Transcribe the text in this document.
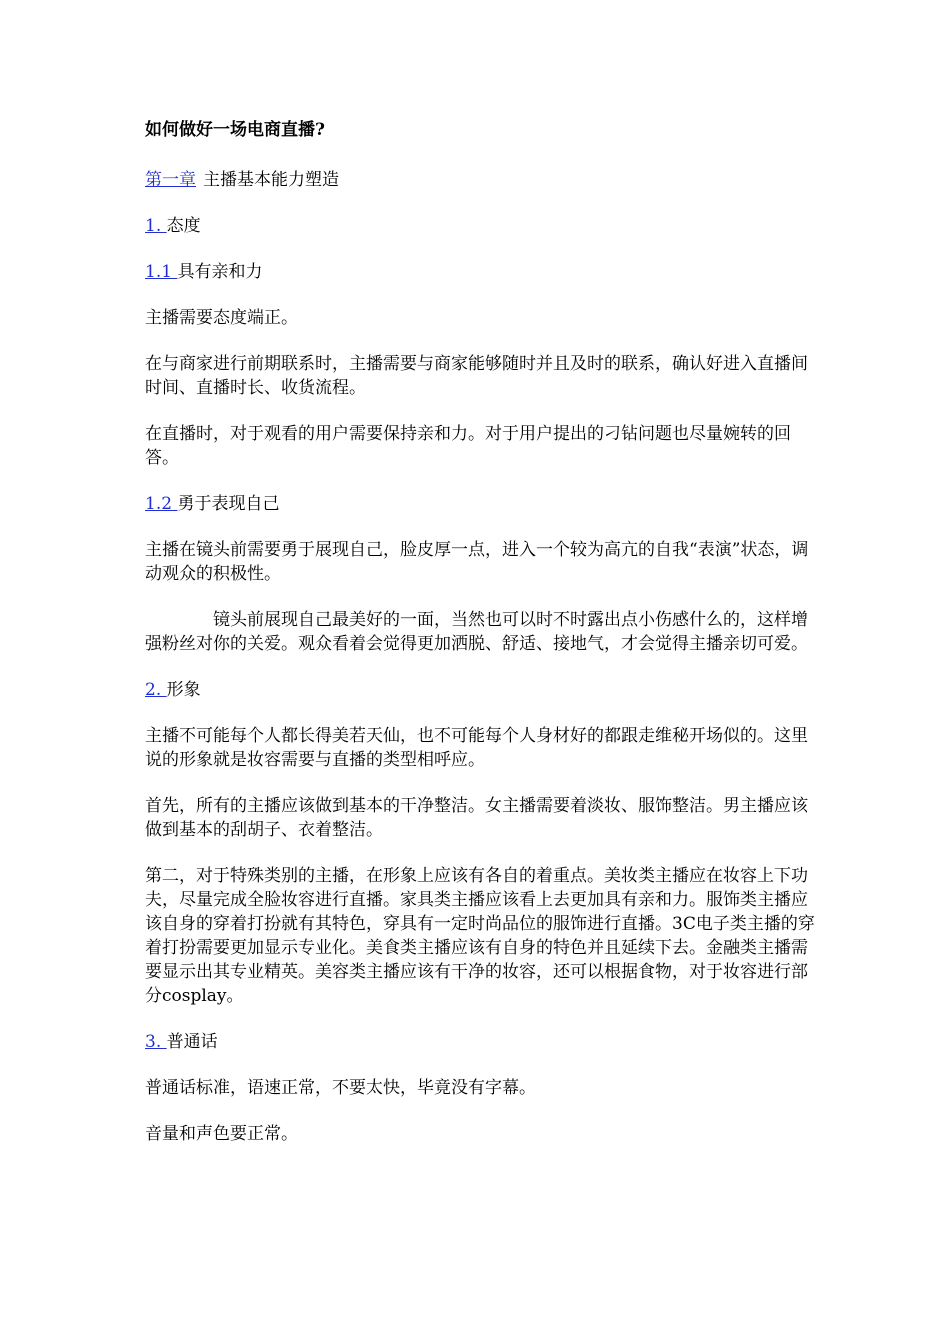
如何做好一场电商直播?

第一章 主播基本能力塑造

1. 态度

1.1 具有亲和力

主播需要态度端正。

在与商家进行前期联系时，主播需要与商家能够随时并且及时的联系，确认好进入直播间时间、直播时长、收货流程。

在直播时，对于观看的用户需要保持亲和力。对于用户提出的刁钻问题也尽量婉转的回答。

1.2 勇于表现自己

主播在镜头前需要勇于展现自己，脸皮厚一点，进入一个较为高亢的自我“表演”状态，调动观众的积极性。

镜头前展现自己最美好的一面，当然也可以时不时露出点小伤感什么的，这样增强粉丝对你的关爱。观众看着会觉得更加洒脱、舒适、接地气，才会觉得主播亲切可爱。

2. 形象

主播不可能每个人都长得美若天仙，也不可能每个人身材好的都跟走维秘开场似的。这里说的形象就是妆容需要与直播的类型相呼应。

首先，所有的主播应该做到基本的干净整洁。女主播需要着淡妆、服饰整洁。男主播应该做到基本的刮胡子、衣着整洁。

第二，对于特殊类别的主播，在形象上应该有各自的着重点。美妆类主播应在妆容上下功夫，尽量完成全脸妆容进行直播。家具类主播应该看上去更加具有亲和力。服饰类主播应该自身的穿着打扮就有其特色，穿具有一定时尚品位的服饰进行直播。3C电子类主播的穿着打扮需要更加显示专业化。美食类主播应该有自身的特色并且延续下去。金融类主播需要显示出其专业精英。美容类主播应该有干净的妆容，还可以根据食物，对于妆容进行部分cosplay。

3. 普通话

普通话标准，语速正常，不要太快，毕竟没有字幕。

音量和声色要正常。
